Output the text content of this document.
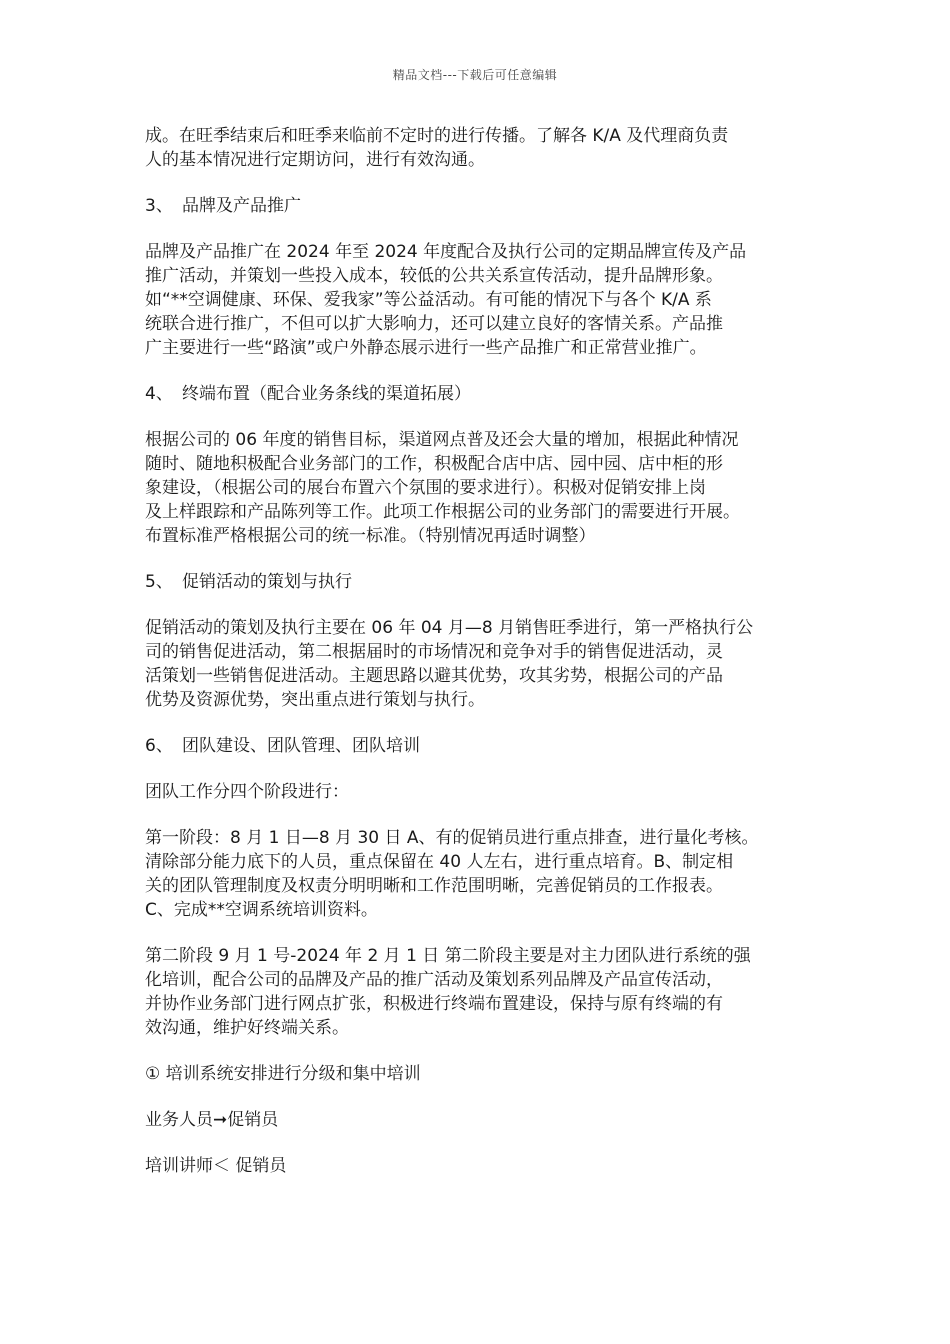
精品文档---下载后可任意编辑
成。在旺季结束后和旺季来临前不定时的进行传播。了解各 K/A 及代理商负责
人的基本情况进行定期访问，进行有效沟通。
3、 品牌及产品推广
品牌及产品推广在 2024 年至 2024 年度配合及执行公司的定期品牌宣传及产品
推广活动，并策划一些投入成本，较低的公共关系宣传活动，提升品牌形象。
如“**空调健康、环保、爱我家”等公益活动。有可能的情况下与各个 K/A 系
统联合进行推广，不但可以扩大影响力，还可以建立良好的客情关系。产品推
广主要进行一些“路演”或户外静态展示进行一些产品推广和正常营业推广。
4、 终端布置（配合业务条线的渠道拓展）
根据公司的 06 年度的销售目标，渠道网点普及还会大量的增加，根据此种情况
随时、随地积极配合业务部门的工作，积极配合店中店、园中园、店中柜的形
象建设，（根据公司的展台布置六个氛围的要求进行）。积极对促销安排上岗
及上样跟踪和产品陈列等工作。此项工作根据公司的业务部门的需要进行开展。
布置标准严格根据公司的统一标准。（特别情况再适时调整）
5、 促销活动的策划与执行
促销活动的策划及执行主要在 06 年 04 月—8 月销售旺季进行，第一严格执行公
司的销售促进活动，第二根据届时的市场情况和竞争对手的销售促进活动，灵
活策划一些销售促进活动。主题思路以避其优势，攻其劣势，根据公司的产品
优势及资源优势，突出重点进行策划与执行。
6、 团队建设、团队管理、团队培训
团队工作分四个阶段进行：
第一阶段：8 月 1 日—8 月 30 日 A、有的促销员进行重点排查，进行量化考核。
清除部分能力底下的人员，重点保留在 40 人左右，进行重点培育。B、制定相
关的团队管理制度及权责分明明晰和工作范围明晰，完善促销员的工作报表。
C、完成**空调系统培训资料。
第二阶段 9 月 1 号-2024 年 2 月 1 日 第二阶段主要是对主力团队进行系统的强
化培训，配合公司的品牌及产品的推广活动及策划系列品牌及产品宣传活动，
并协作业务部门进行网点扩张，积极进行终端布置建设，保持与原有终端的有
效沟通，维护好终端关系。
① 培训系统安排进行分级和集中培训
业务人员➞促销员
培训讲师＜ 促销员
